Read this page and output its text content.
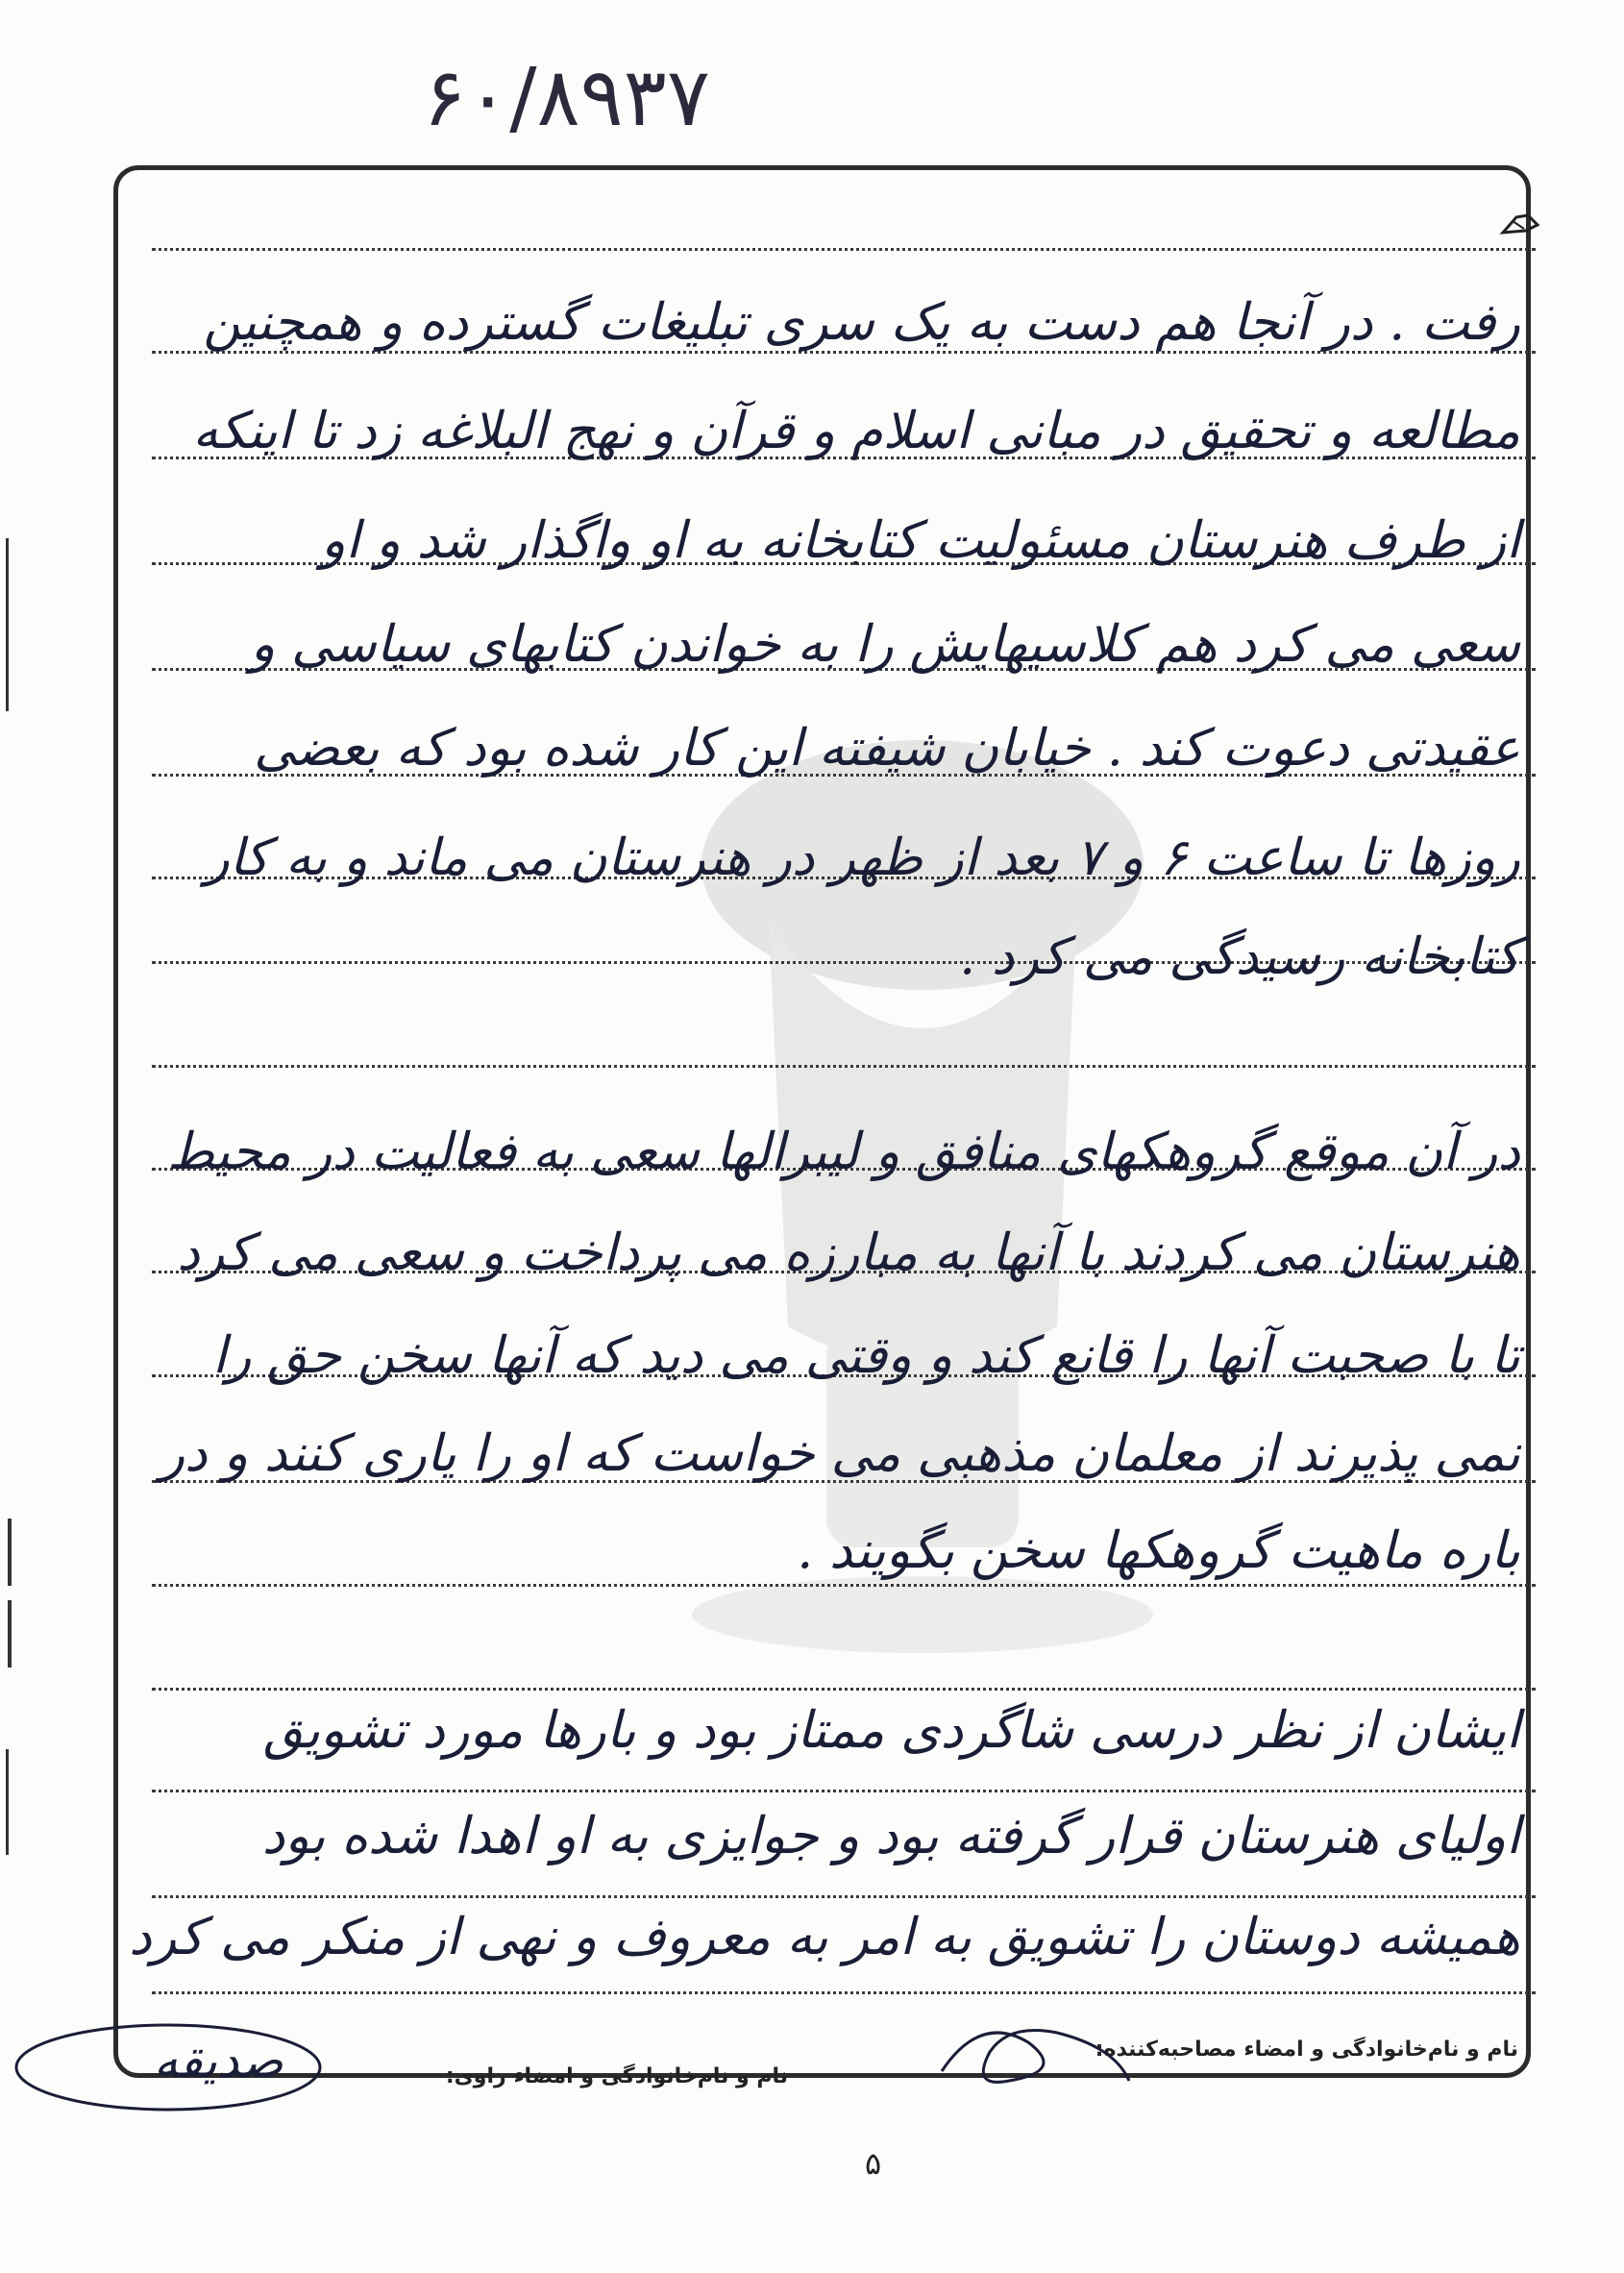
۶۰/۸۹۳۷
رفت . در آنجا هم دست به یک سری تبلیغات گسترده و همچنین
مطالعه و تحقیق در مبانی اسلام و قرآن و نهج البلاغه زد تا اینکه
از طرف هنرستان مسئولیت کتابخانه به او واگذار شد و او
سعی می کرد هم کلاسیهایش را به خواندن کتابهای سیاسی و
عقیدتی دعوت کند . خیابان شیفته این کار شده بود که بعضی
روزها تا ساعت ۶ و ۷ بعد از ظهر در هنرستان می ماند و به کار
کتابخانه رسیدگی می کرد .
در آن موقع گروهکهای منافق و لیبرالها سعی به فعالیت در محیط
هنرستان می کردند با آنها به مبارزه می پرداخت و سعی می کرد
تا با صحبت آنها را قانع کند و وقتی می دید که آنها سخن حق را
نمی پذیرند از معلمان مذهبی می خواست که او را یاری کنند و در
باره ماهیت گروهکها سخن بگویند .
ایشان از نظر درسی شاگردی ممتاز بود و بارها مورد تشویق
اولیای هنرستان قرار گرفته بود و جوایزی به او اهدا شده بود
همیشه دوستان را تشویق به امر به معروف و نهی از منکر می کرد
نام و نام‌خانوادگی و امضاء مصاحبه‌کننده:
نام و نام‌خانوادگی و امضاء راوی:
صدیقه
۵
